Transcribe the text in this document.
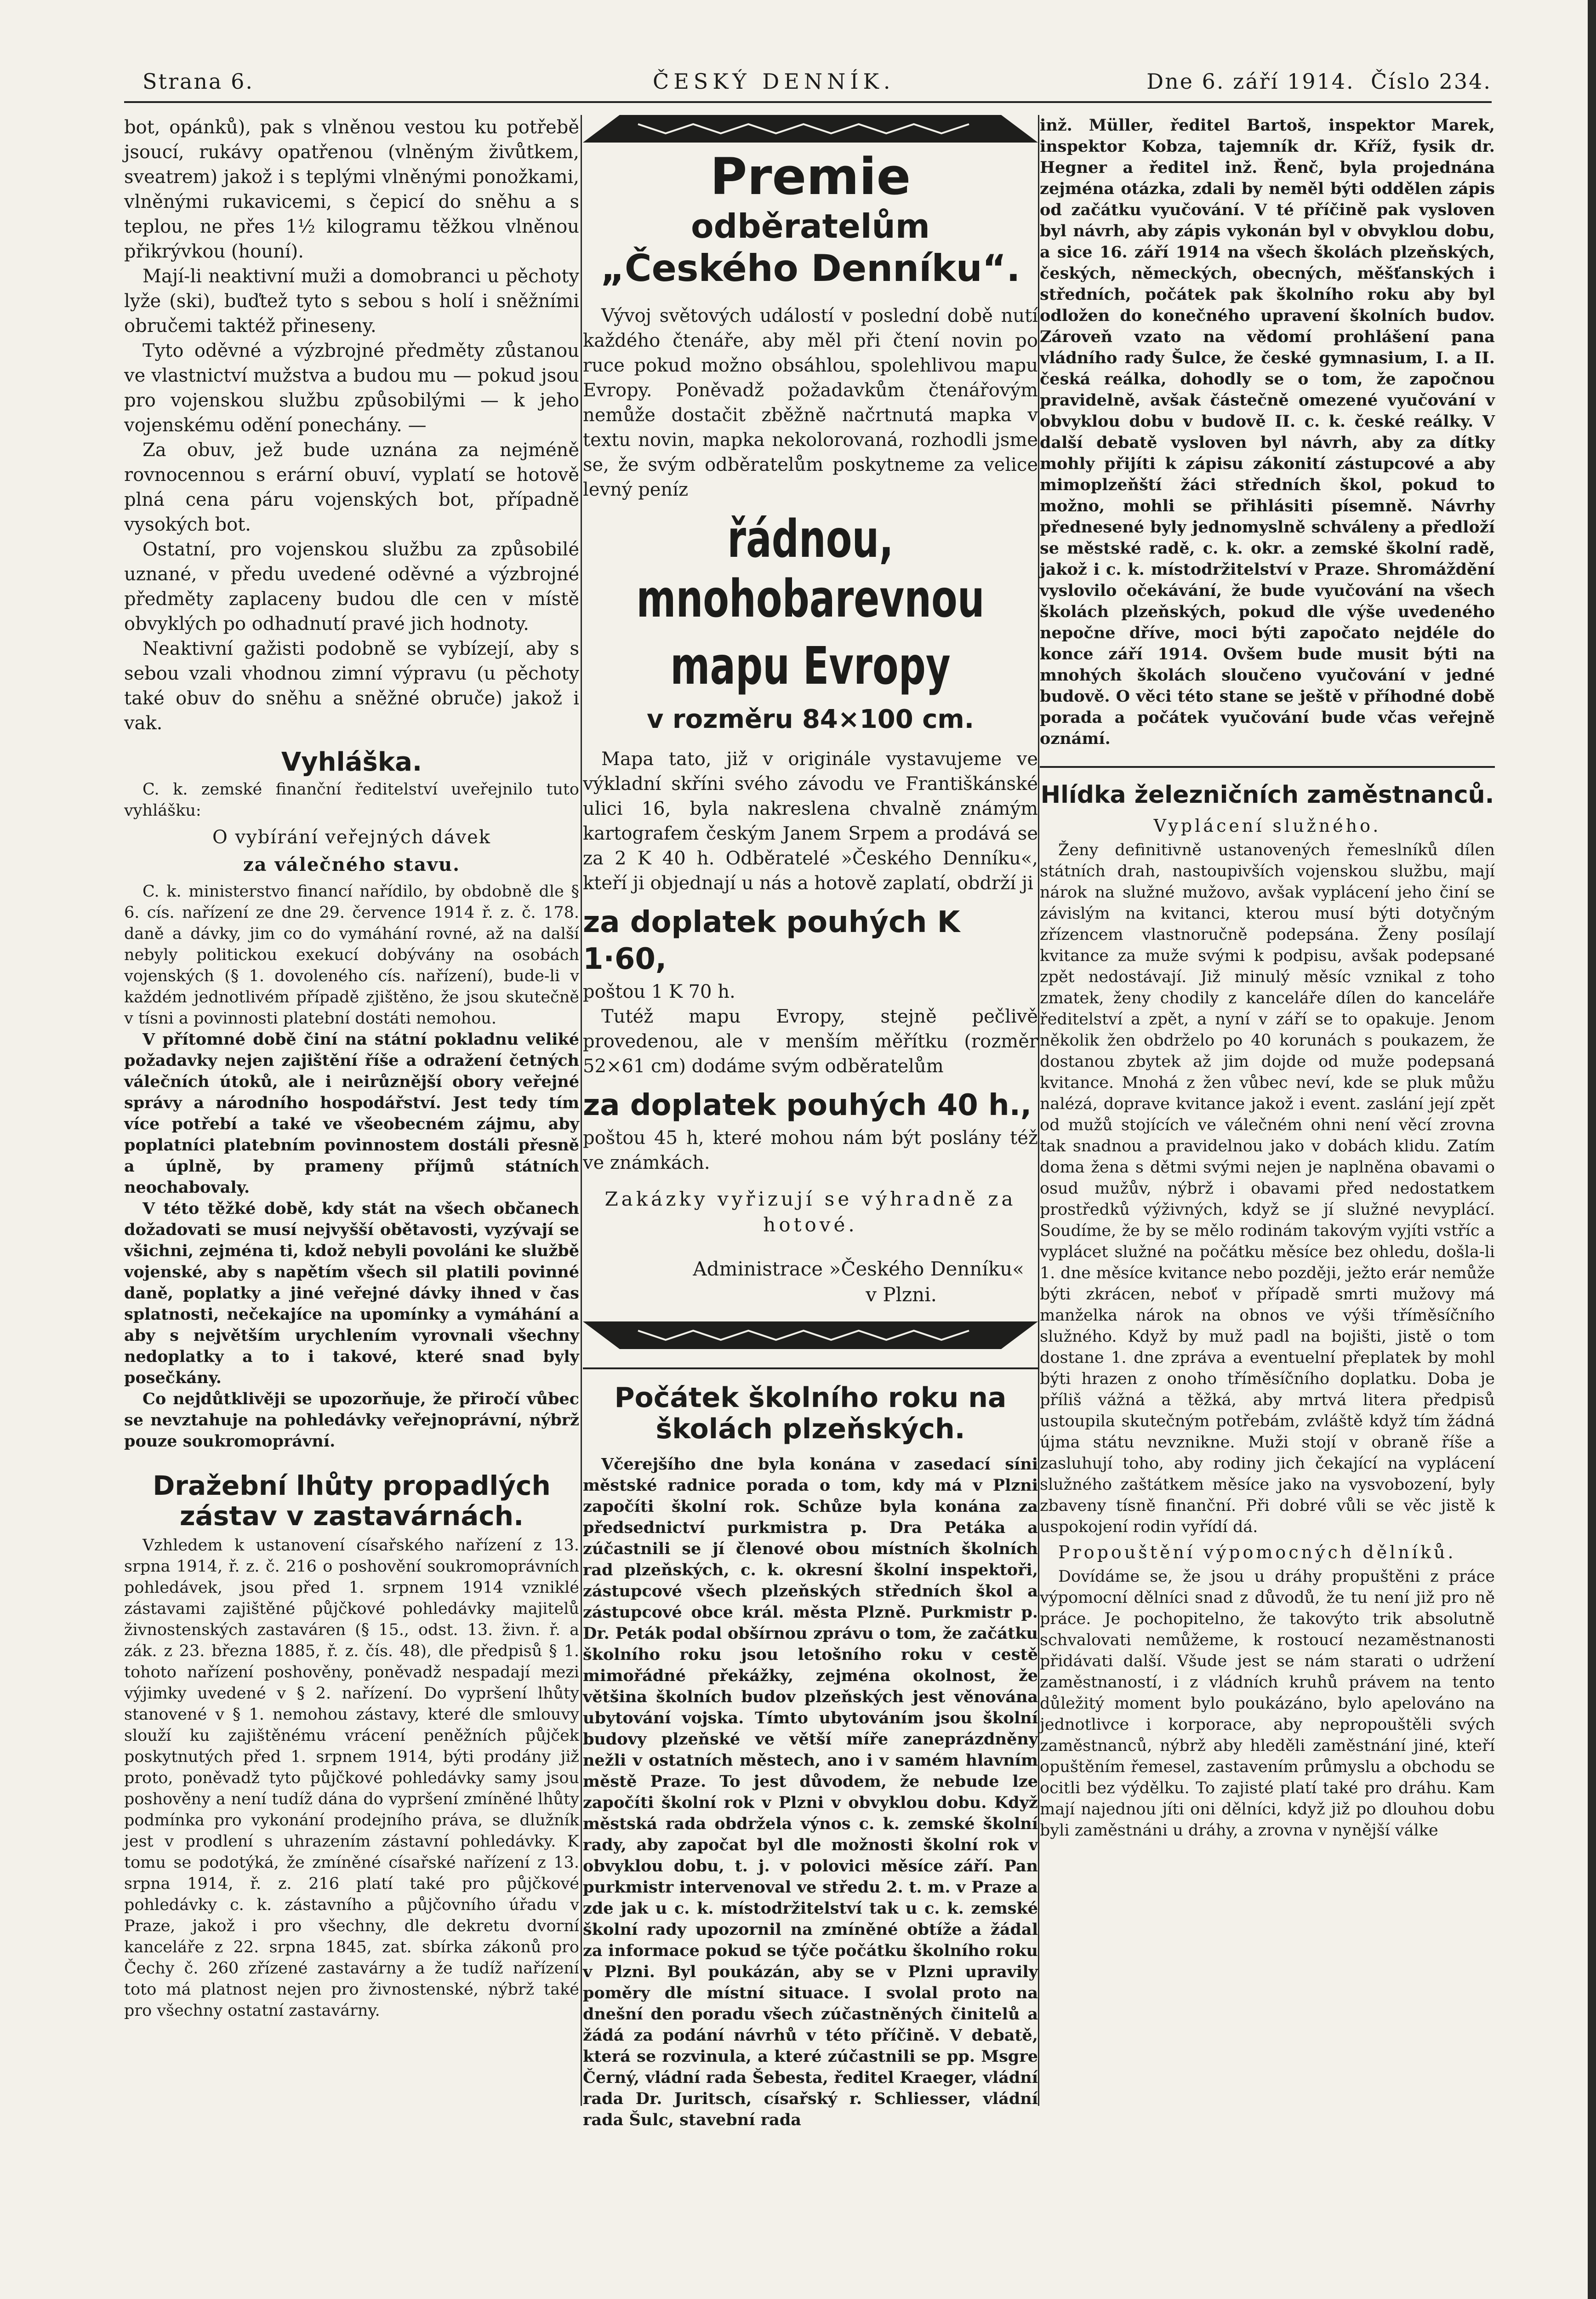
Strana 6.	ČESKÝ DENNÍK.	Dne 6. září 1914. Číslo 234.

bot, opánků), pak s vlněnou vestou ku potřebě jsoucí, rukávy opatřenou (vlněným živůtkem, sveatrem) jakož i s teplými vlněnými ponožkami, vlněnými rukavicemi, s čepicí do sněhu a s teplou, ne přes 1½ kilogramu těžkou vlněnou přikrývkou (houní).

Mají-li neaktivní muži a domobranci u pěchoty lyže (ski), buďtež tyto s sebou s holí i sněžními obručemi taktéž přineseny.

Tyto oděvné a výzbrojné předměty zůstanou ve vlastnictví mužstva a budou mu — pokud jsou pro vojenskou službu způsobilými — k jeho vojenskému odění ponechány. —

Za obuv, jež bude uznána za nejméně rovnocennou s erární obuví, vyplatí se hotově plná cena páru vojenských bot, případně vysokých bot.

Ostatní, pro vojenskou službu za způsobilé uznané, v předu uvedené oděvné a výzbrojné předměty zaplaceny budou dle cen v místě obvyklých po odhadnutí pravé jich hodnoty.

Neaktivní gažisti podobně se vybízejí, aby s sebou vzali vhodnou zimní výpravu (u pěchoty také obuv do sněhu a sněžné obruče) jakož i vak.

Vyhláška.

C. k. zemské finanční ředitelství uveřejnilo tuto vyhlášku:

O vybírání veřejných dávek

za válečného stavu.

C. k. ministerstvo financí nařídilo, by obdobně dle § 6. cís. nařízení ze dne 29. července 1914 ř. z. č. 178. daně a dávky, jim co do vymáhání rovné, až na další nebyly politickou exekucí dobývány na osobách vojenských (§ 1. dovoleného cís. nařízení), bude-li v každém jednotlivém případě zjištěno, že jsou skutečně v tísni a povinnosti platební dostáti nemohou.

V přítomné době činí na státní pokladnu veliké požadavky nejen zajištění říše a odražení četných válečních útoků, ale i neirůznější obory veřejné správy a národního hospodářství. Jest tedy tím více potřebí a také ve všeobecném zájmu, aby poplatníci platebním povinnostem dostáli přesně a úplně, by prameny příjmů státních neochabovaly.

V této těžké době, kdy stát na všech občanech dožadovati se musí nejvyšší obětavosti, vyzývají se všichni, zejména ti, kdož nebyli povoláni ke službě vojenské, aby s napětím všech sil platili povinné daně, poplatky a jiné veřejné dávky ihned v čas splatnosti, nečekajíce na upomínky a vymáhání a aby s největším urychlením vyrovnali všechny nedoplatky a to i takové, které snad byly posečkány.

Co nejdůtklivěji se upozorňuje, že přiročí vůbec se nevztahuje na pohledávky veřejnoprávní, nýbrž pouze soukromoprávní.

Dražební lhůty propadlých zástav v zastavárnách.

Vzhledem k ustanovení císařského nařízení z 13. srpna 1914, ř. z. č. 216 o poshovění soukromoprávních pohledávek, jsou před 1. srpnem 1914 vzniklé zástavami zajištěné půjčkové pohledávky majitelů živnostenských zastaváren (§ 15., odst. 13. živn. ř. a zák. z 23. března 1885, ř. z. čís. 48), dle předpisů § 1. tohoto nařízení poshověny, poněvadž nespadají mezi výjimky uvedené v § 2. nařízení. Do vypršení lhůty stanovené v § 1. nemohou zástavy, které dle smlouvy slouží ku zajištěnému vrácení peněžních půjček poskytnutých před 1. srpnem 1914, býti prodány již proto, poněvadž tyto půjčkové pohledávky samy jsou poshověny a není tudíž dána do vypršení zmíněné lhůty podmínka pro vykonání prodejního práva, se dlužník jest v prodlení s uhrazením zástavní pohledávky. K tomu se podotýká, že zmíněné císařské nařízení z 13. srpna 1914, ř. z. 216 platí také pro půjčkové pohledávky c. k. zástavního a půjčovního úřadu v Praze, jakož i pro všechny, dle dekretu dvorní kanceláře z 22. srpna 1845, zat. sbírka zákonů pro Čechy č. 260 zřízené zastavárny a že tudíž nařízení toto má platnost nejen pro živnostenské, nýbrž také pro všechny ostatní zastavárny.

Premie
odběratelům
„Českého Denníku“.

Vývoj světových událostí v poslední době nutí každého čtenáře, aby měl při čtení novin po ruce pokud možno obsáhlou, spolehlivou mapu Evropy. Poněvadž požadavkům čtenářovým nemůže dostačit zběžně načrtnutá mapka v textu novin, mapka nekolorovaná, rozhodli jsme se, že svým odběratelům poskytneme za velice levný peníz

řádnou, mnohobarevnou
mapu Evropy
v rozměru 84×100 cm.

Mapa tato, již v originále vystavujeme ve výkladní skříni svého závodu ve Františkánské ulici 16, byla nakreslena chvalně známým kartografem českým Janem Srpem a prodává se za 2 K 40 h. Odběratelé »Českého Denníku«, kteří ji objednají u nás a hotově zaplatí, obdrží ji

za doplatek pouhých K 1·60,

poštou 1 K 70 h.

Tutéž mapu Evropy, stejně pečlivě provedenou, ale v menším měřítku (rozměr 52×61 cm) dodáme svým odběratelům

za doplatek pouhých 40 h.,

poštou 45 h, které mohou nám být poslány též ve známkách.

Zakázky vyřizují se výhradně za hotové.

Administrace »Českého Denníku«

v Plzni.

Počátek školního roku na školách plzeňských.

Včerejšího dne byla konána v zasedací síni městské radnice porada o tom, kdy má v Plzni započíti školní rok. Schůze byla konána za předsednictví purkmistra p. Dra Petáka a zúčastnili se jí členové obou místních školních rad plzeňských, c. k. okresní školní inspektoři, zástupcové všech plzeňských středních škol a zástupcové obce král. města Plzně. Purkmistr p. Dr. Peták podal obšírnou zprávu o tom, že začátku školního roku jsou letošního roku v cestě mimořádné překážky, zejména okolnost, že většina školních budov plzeňských jest věnována ubytování vojska. Tímto ubytováním jsou školní budovy plzeňské ve větší míře zaneprázdněny nežli v ostatních městech, ano i v samém hlavním městě Praze. To jest důvodem, že nebude lze započíti školní rok v Plzni v obvyklou dobu. Když městská rada obdržela výnos c. k. zemské školní rady, aby započat byl dle možnosti školní rok v obvyklou dobu, t. j. v polovici měsíce září. Pan purkmistr intervenoval ve středu 2. t. m. v Praze a zde jak u c. k. místodržitelství tak u c. k. zemské školní rady upozornil na zmíněné obtíže a žádal za informace pokud se týče počátku školního roku v Plzni. Byl poukázán, aby se v Plzni upravily poměry dle místní situace. I svolal proto na dnešní den poradu všech zúčastněných činitelů a žádá za podání návrhů v této příčině. V debatě, která se rozvinula, a které zúčastnili se pp. Msgre Černý, vládní rada Šebesta, ředitel Kraeger, vládní rada Dr. Juritsch, císařský r. Schliesser, vládní rada Šulc, stavební rada

inž. Müller, ředitel Bartoš, inspektor Marek, inspektor Kobza, tajemník dr. Kříž, fysik dr. Hegner a ředitel inž. Řenč, byla projednána zejména otázka, zdali by neměl býti oddělen zápis od začátku vyučování. V té příčině pak vysloven byl návrh, aby zápis vykonán byl v obvyklou dobu, a sice 16. září 1914 na všech školách plzeňských, českých, německých, obecných, měšťanských i středních, počátek pak školního roku aby byl odložen do konečného upravení školních budov. Zároveň vzato na vědomí prohlášení pana vládního rady Šulce, že české gymnasium, I. a II. česká reálka, dohodly se o tom, že započnou pravidelně, avšak částečně omezené vyučování v obvyklou dobu v budově II. c. k. české reálky. V další debatě vysloven byl návrh, aby za dítky mohly přijíti k zápisu zákonití zástupcové a aby mimoplzeňští žáci středních škol, pokud to možno, mohli se přihlásiti písemně. Návrhy přednesené byly jednomyslně schváleny a předloží se městské radě, c. k. okr. a zemské školní radě, jakož i c. k. místodržitelství v Praze. Shromáždění vyslovilo očekávání, že bude vyučování na všech školách plzeňských, pokud dle výše uvedeného nepočne dříve, moci býti započato nejdéle do konce září 1914. Ovšem bude musit býti na mnohých školách sloučeno vyučování v jedné budově. O věci této stane se ještě v příhodné době porada a počátek vyučování bude včas veřejně oznámí.

Hlídka železničních zaměstnanců.

Vyplácení služného.

Ženy definitivně ustanovených řemeslníků dílen státních drah, nastoupivších vojenskou službu, mají nárok na služné mužovo, avšak vyplácení jeho činí se závislým na kvitanci, kterou musí býti dotyčným zřízencem vlastnoručně podepsána. Ženy posílají kvitance za muže svými k podpisu, avšak podepsané zpět nedostávají. Již minulý měsíc vznikal z toho zmatek, ženy chodily z kanceláře dílen do kanceláře ředitelství a zpět, a nyní v září se to opakuje. Jenom několik žen obdrželo po 40 korunách s poukazem, že dostanou zbytek až jim dojde od muže podepsaná kvitance. Mnohá z žen vůbec neví, kde se pluk můžu nalézá, doprave kvitance jakož i event. zaslání její zpět od mužů stojících ve válečném ohni není věcí zrovna tak snadnou a pravidelnou jako v dobách klidu. Zatím doma žena s dětmi svými nejen je naplněna obavami o osud mužův, nýbrž i obavami před nedostatkem prostředků výživných, když se jí služné nevyplácí. Soudíme, že by se mělo rodinám takovým vyjíti vstříc a vyplácet služné na počátku měsíce bez ohledu, došla-li 1. dne měsíce kvitance nebo později, ježto erár nemůže býti zkrácen, neboť v případě smrti mužovy má manželka nárok na obnos ve výši tříměsíčního služného. Když by muž padl na bojišti, jistě o tom dostane 1. dne zpráva a eventuelní přeplatek by mohl býti hrazen z onoho tříměsíčního doplatku. Doba je příliš vážná a těžká, aby mrtvá litera předpisů ustoupila skutečným potřebám, zvláště když tím žádná újma státu nevznikne. Muži stojí v obraně říše a zasluhují toho, aby rodiny jich čekající na vyplácení služného zaštátkem měsíce jako na vysvobození, byly zbaveny tísně finanční. Při dobré vůli se věc jistě k uspokojení rodin vyřídí dá.

Propouštění výpomocných dělníků.

Dovídáme se, že jsou u dráhy propuštěni z práce výpomocní dělníci snad z důvodů, že tu není již pro ně práce. Je pochopitelno, že takovýto trik absolutně schvalovati nemůžeme, k rostoucí nezaměstnanosti přidávati další. Všude jest se nám starati o udržení zaměstnaností, i z vládních kruhů právem na tento důležitý moment bylo poukázáno, bylo apelováno na jednotlivce i korporace, aby nepropouštěli svých zaměstnanců, nýbrž aby hleděli zaměstnání jiné, kteří opuštěním řemesel, zastavením průmyslu a obchodu se ocitli bez výdělku. To zajisté platí také pro dráhu. Kam mají najednou jíti oni dělníci, když již po dlouhou dobu byli zaměstnáni u dráhy, a zrovna v nynější válke
